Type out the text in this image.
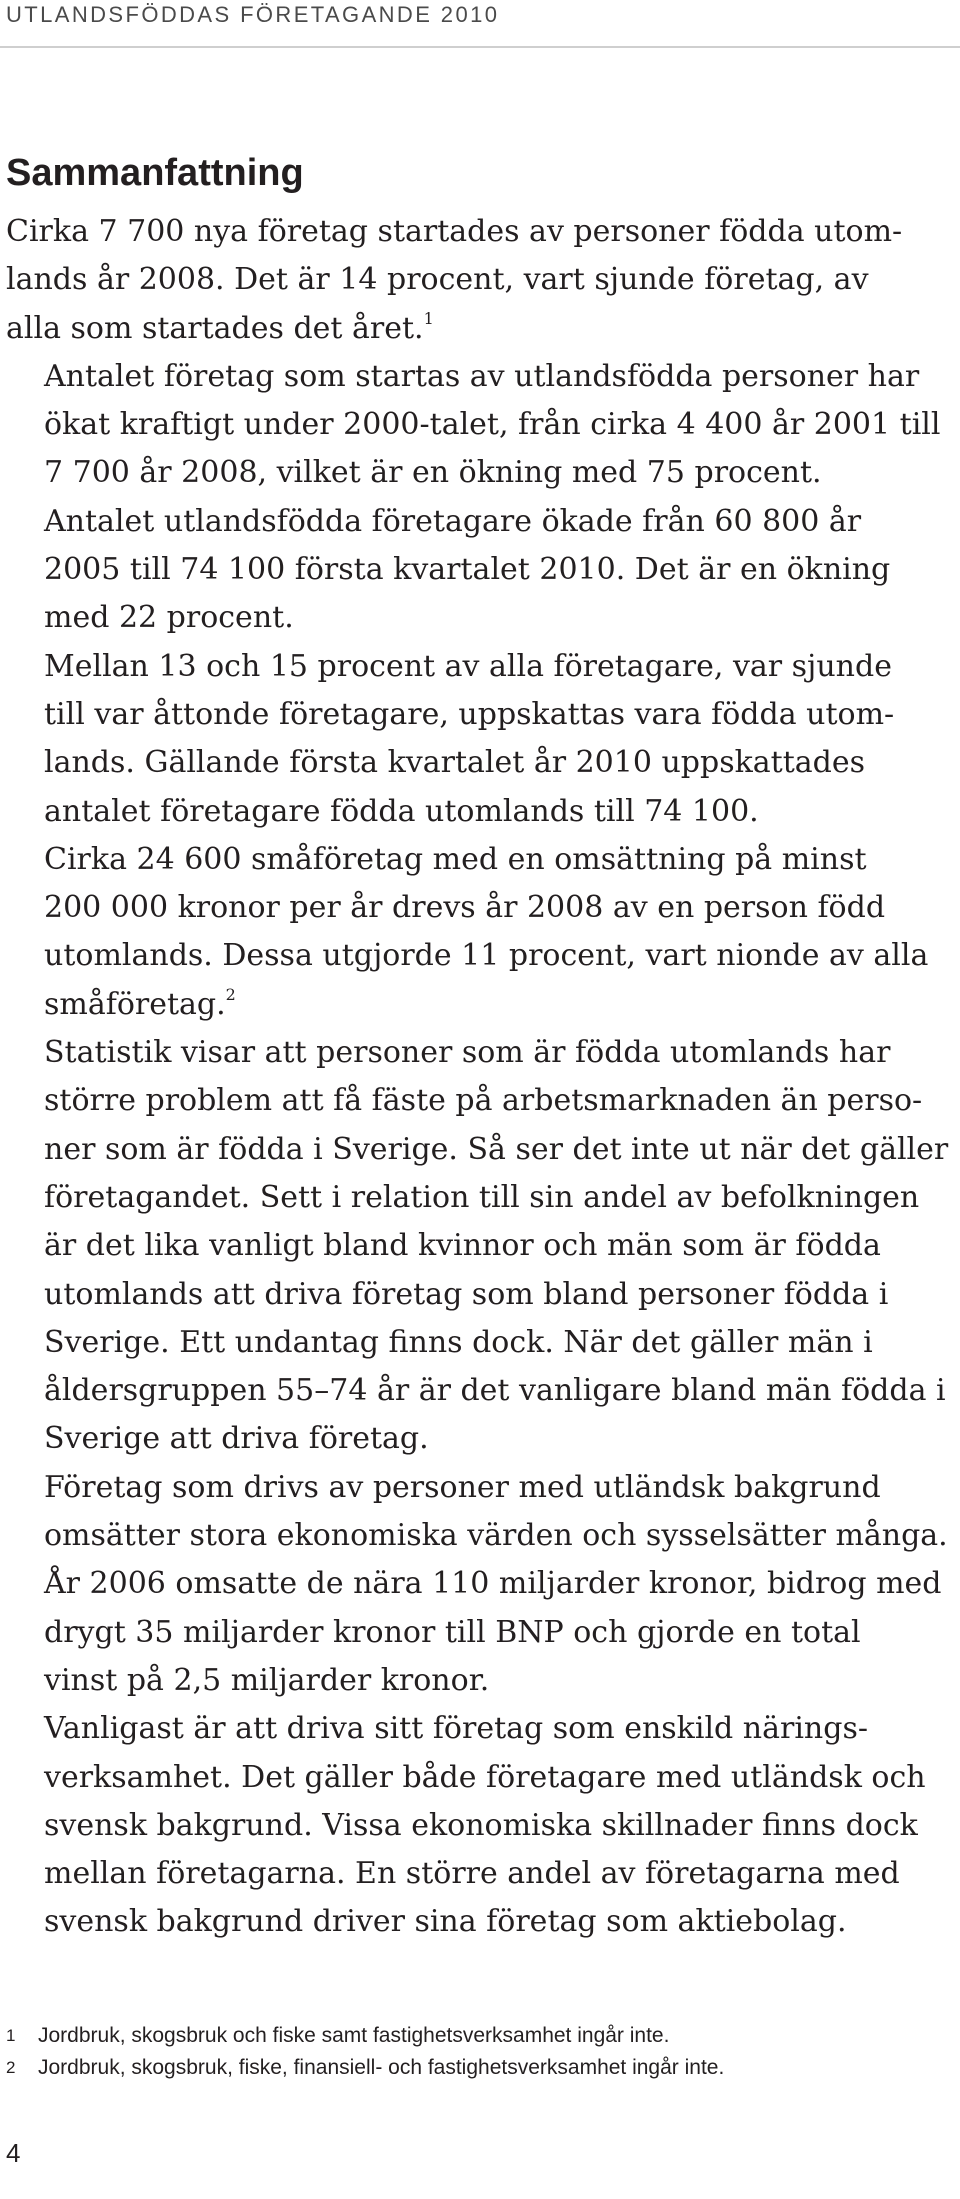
UTLANDSFÖDDAS FÖRETAGANDE 2010
Sammanfattning

Cirka 7 700 nya företag startades av personer födda utom-
lands år 2008. Det är 14 procent, vart sjunde företag, av
alla som startades det året.$^1$

Antalet företag som startas av utlandsfödda personer har
ökat kraftigt under 2000-talet, från cirka 4 400 år 2001 till
7 700 år 2008, vilket är en ökning med 75 procent.

Antalet utlandsfödda företagare ökade från 60 800 år
2005 till 74 100 första kvartalet 2010. Det är en ökning
med 22 procent.

Mellan 13 och 15 procent av alla företagare, var sjunde
till var åttonde företagare, uppskattas vara födda utom-
lands. Gällande första kvartalet år 2010 uppskattades
antalet företagare födda utomlands till 74 100.

Cirka 24 600 småföretag med en omsättning på minst
200 000 kronor per år drevs år 2008 av en person född
utomlands. Dessa utgjorde 11 procent, vart nionde av alla
småföretag.$^2$

Statistik visar att personer som är födda utomlands har
större problem att få fäste på arbetsmarknaden än perso-
ner som är födda i Sverige. Så ser det inte ut när det gäller
företagandet. Sett i relation till sin andel av befolkningen
är det lika vanligt bland kvinnor och män som är födda
utomlands att driva företag som bland personer födda i
Sverige. Ett undantag finns dock. När det gäller män i
åldersgruppen 55–74 år är det vanligare bland män födda i
Sverige att driva företag.

Företag som drivs av personer med utländsk bakgrund
omsätter stora ekonomiska värden och sysselsätter många.
År 2006 omsatte de nära 110 miljarder kronor, bidrog med
drygt 35 miljarder kronor till BNP och gjorde en total
vinst på 2,5 miljarder kronor.

Vanligast är att driva sitt företag som enskild närings-
verksamhet. Det gäller både företagare med utländsk och
svensk bakgrund. Vissa ekonomiska skillnader finns dock
mellan företagarna. En större andel av företagarna med
svensk bakgrund driver sina företag som aktiebolag.

1	Jordbruk, skogsbruk och fiske samt fastighetsverksamhet ingår inte.
2	Jordbruk, skogsbruk, fiske, finansiell- och fastighetsverksamhet ingår inte.
4
